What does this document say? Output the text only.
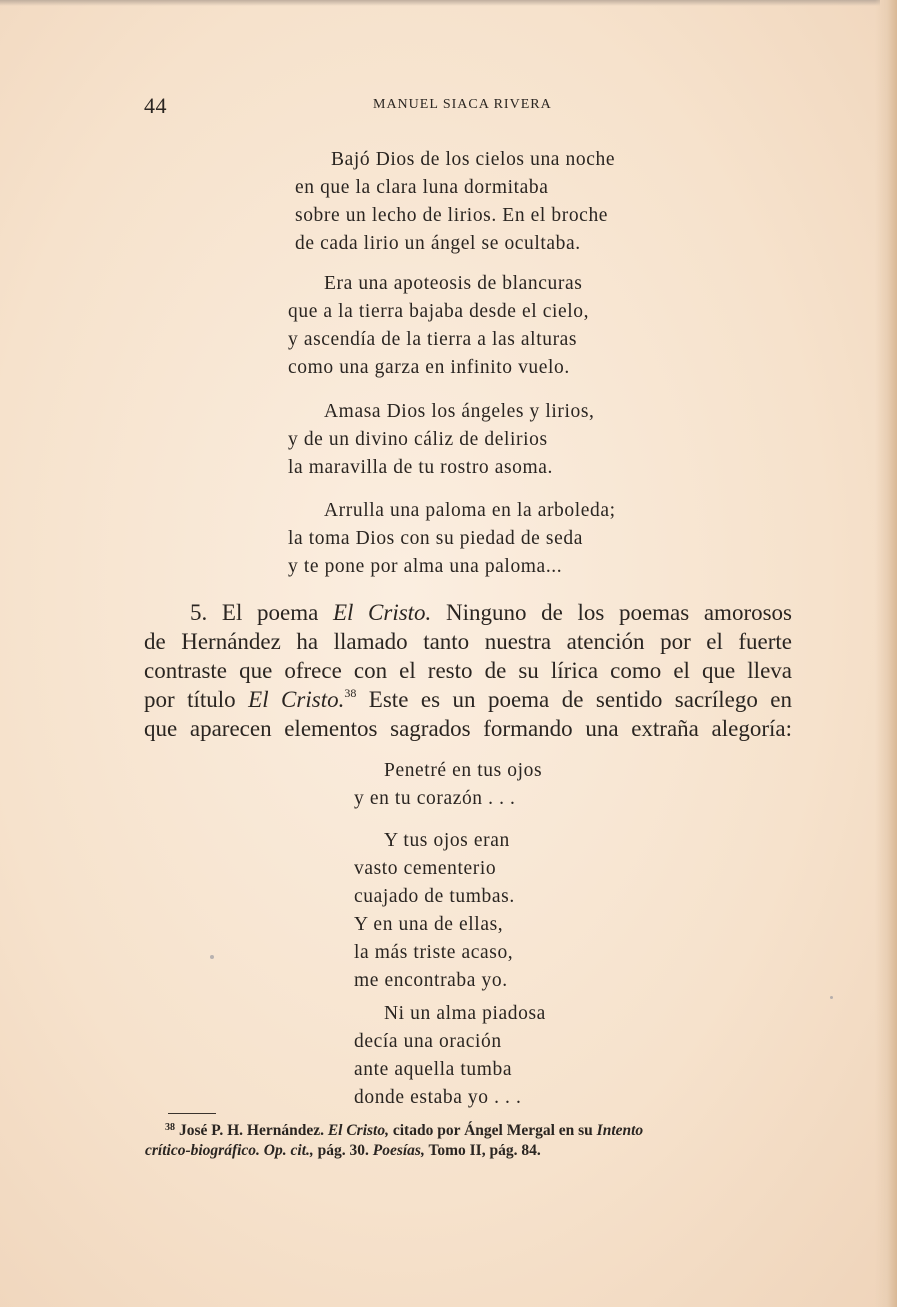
44	MANUEL SIACA RIVERA
Bajó Dios de los cielos una noche
en que la clara luna dormitaba
sobre un lecho de lirios. En el broche
de cada lirio un ángel se ocultaba.
Era una apoteosis de blancuras
que a la tierra bajaba desde el cielo,
y ascendía de la tierra a las alturas
como una garza en infinito vuelo.
Amasa Dios los ángeles y lirios,
y de un divino cáliz de delirios
la maravilla de tu rostro asoma.
Arrulla una paloma en la arboleda;
la toma Dios con su piedad de seda
y te pone por alma una paloma...
5. El poema El Cristo. Ninguno de los poemas amorosos
de Hernández ha llamado tanto nuestra atención por el fuerte
contraste que ofrece con el resto de su lírica como el que lleva
por título El Cristo.$^{38}$ Este es un poema de sentido sacrílego en
que aparecen elementos sagrados formando una extraña alegoría:
Penetré en tus ojos
y en tu corazón . . .
Y tus ojos eran
vasto cementerio
cuajado de tumbas.
Y en una de ellas,
la más triste acaso,
me encontraba yo.
Ni un alma piadosa
decía una oración
ante aquella tumba
donde estaba yo . . .
$^{38}$ José P. H. Hernández. El Cristo, citado por Ángel Mergal en su Intento
crítico-biográfico. Op. cit., pág. 30. Poesías, Tomo II, pág. 84.
